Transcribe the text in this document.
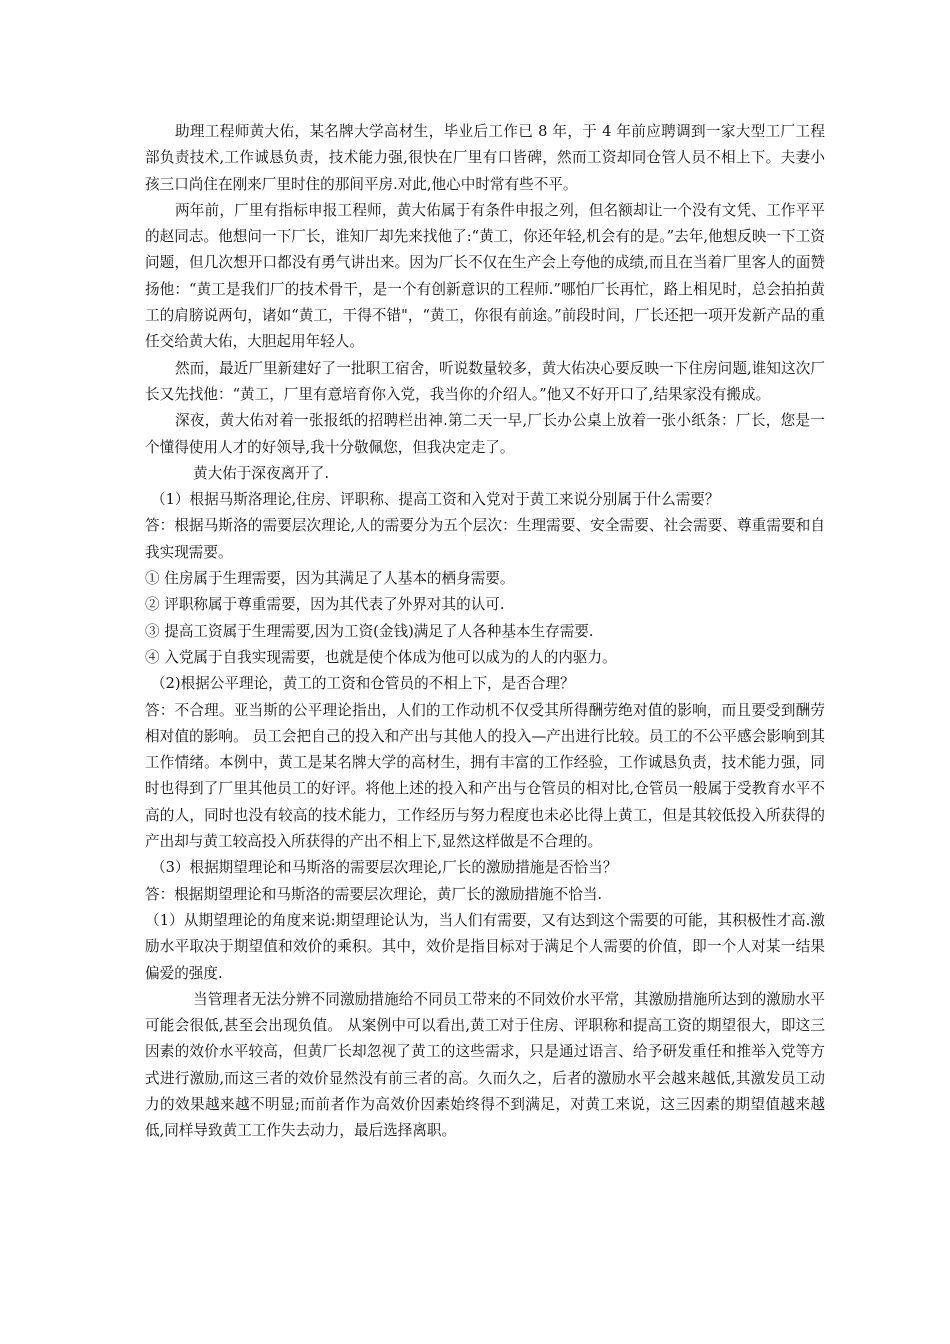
助理工程师黄大佑，某名牌大学高材生，毕业后工作已 8 年，于 4 年前应聘调到一家大型工厂工程部负责技术,工作诚恳负责，技术能力强,很快在厂里有口皆碑，然而工资却同仓管人员不相上下。夫妻小孩三口尚住在刚来厂里时住的那间平房.对此,他心中时常有些不平。

两年前，厂里有指标申报工程师，黄大佑属于有条件申报之列，但名额却让一个没有文凭、工作平平的赵同志。他想问一下厂长，谁知厂却先来找他了:“黄工，你还年轻,机会有的是。”去年,他想反映一下工资问题，但几次想开口都没有勇气讲出来。因为厂长不仅在生产会上夸他的成绩,而且在当着厂里客人的面赞扬他：“黄工是我们厂的技术骨干，是一个有创新意识的工程师.”哪怕厂长再忙，路上相见时，总会拍拍黄工的肩膀说两句，诸如“黄工，干得不错"，“黄工，你很有前途。”前段时间，厂长还把一项开发新产品的重任交给黄大佑，大胆起用年轻人。

然而，最近厂里新建好了一批职工宿舍，听说数量较多，黄大佑决心要反映一下住房问题,谁知这次厂长又先找他：“黄工，厂里有意培育你入党，我当你的介绍人。”他又不好开口了,结果家没有搬成。

深夜，黄大佑对着一张报纸的招聘栏出神.第二天一早,厂长办公桌上放着一张小纸条：厂长，您是一个懂得使用人才的好领导,我十分敬佩您，但我决定走了。

黄大佑于深夜离开了.

（1）根据马斯洛理论,住房、评职称、提高工资和入党对于黄工来说分别属于什么需要？

答：根据马斯洛的需要层次理论,人的需要分为五个层次：生理需要、安全需要、社会需要、尊重需要和自我实现需要。

① 住房属于生理需要，因为其满足了人基本的栖身需要。

② 评职称属于尊重需要，因为其代表了外界对其的认可.

③ 提高工资属于生理需要,因为工资(金钱)满足了人各种基本生存需要.

④ 入党属于自我实现需要，也就是使个体成为他可以成为的人的内驱力。

（2)根据公平理论，黄工的工资和仓管员的不相上下，是否合理？

答：不合理。亚当斯的公平理论指出，人们的工作动机不仅受其所得酬劳绝对值的影响，而且要受到酬劳相对值的影响。 员工会把自己的投入和产出与其他人的投入—产出进行比较。员工的不公平感会影响到其工作情绪。本例中，黄工是某名牌大学的高材生，拥有丰富的工作经验，工作诚恳负责，技术能力强，同时也得到了厂里其他员工的好评。将他上述的投入和产出与仓管员的相对比,仓管员一般属于受教育水平不高的人，同时也没有较高的技术能力，工作经历与努力程度也未必比得上黄工，但是其较低投入所获得的产出却与黄工较高投入所获得的产出不相上下,显然这样做是不合理的。

（3）根据期望理论和马斯洛的需要层次理论,厂长的激励措施是否恰当？

答：根据期望理论和马斯洛的需要层次理论，黄厂长的激励措施不恰当.

（1）从期望理论的角度来说:期望理论认为，当人们有需要，又有达到这个需要的可能，其积极性才高.激励水平取决于期望值和效价的乘积。其中，效价是指目标对于满足个人需要的价值，即一个人对某一结果偏爱的强度.

当管理者无法分辨不同激励措施给不同员工带来的不同效价水平常，其激励措施所达到的激励水平可能会很低,甚至会出现负值。 从案例中可以看出,黄工对于住房、评职称和提高工资的期望很大，即这三因素的效价水平较高，但黄厂长却忽视了黄工的这些需求，只是通过语言、给予研发重任和推举入党等方式进行激励,而这三者的效价显然没有前三者的高。久而久之，后者的激励水平会越来越低,其激发员工动力的效果越来越不明显;而前者作为高效价因素始终得不到满足，对黄工来说，这三因素的期望值越来越低,同样导致黄工工作失去动力，最后选择离职。
